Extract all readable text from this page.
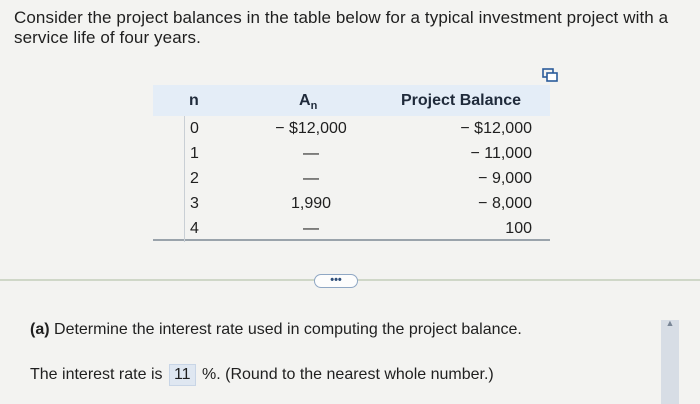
Consider the project balances in the table below for a typical investment project with a service life of four years.
n	$A_n$	Project Balance
0	− $12,000	− $12,000
1	—	− 11,000
2	—	− 9,000
3	1,990	− 8,000
4	—	100
•••
(a) Determine the interest rate used in computing the project balance.
The interest rate is 11 %. (Round to the nearest whole number.)
▲
